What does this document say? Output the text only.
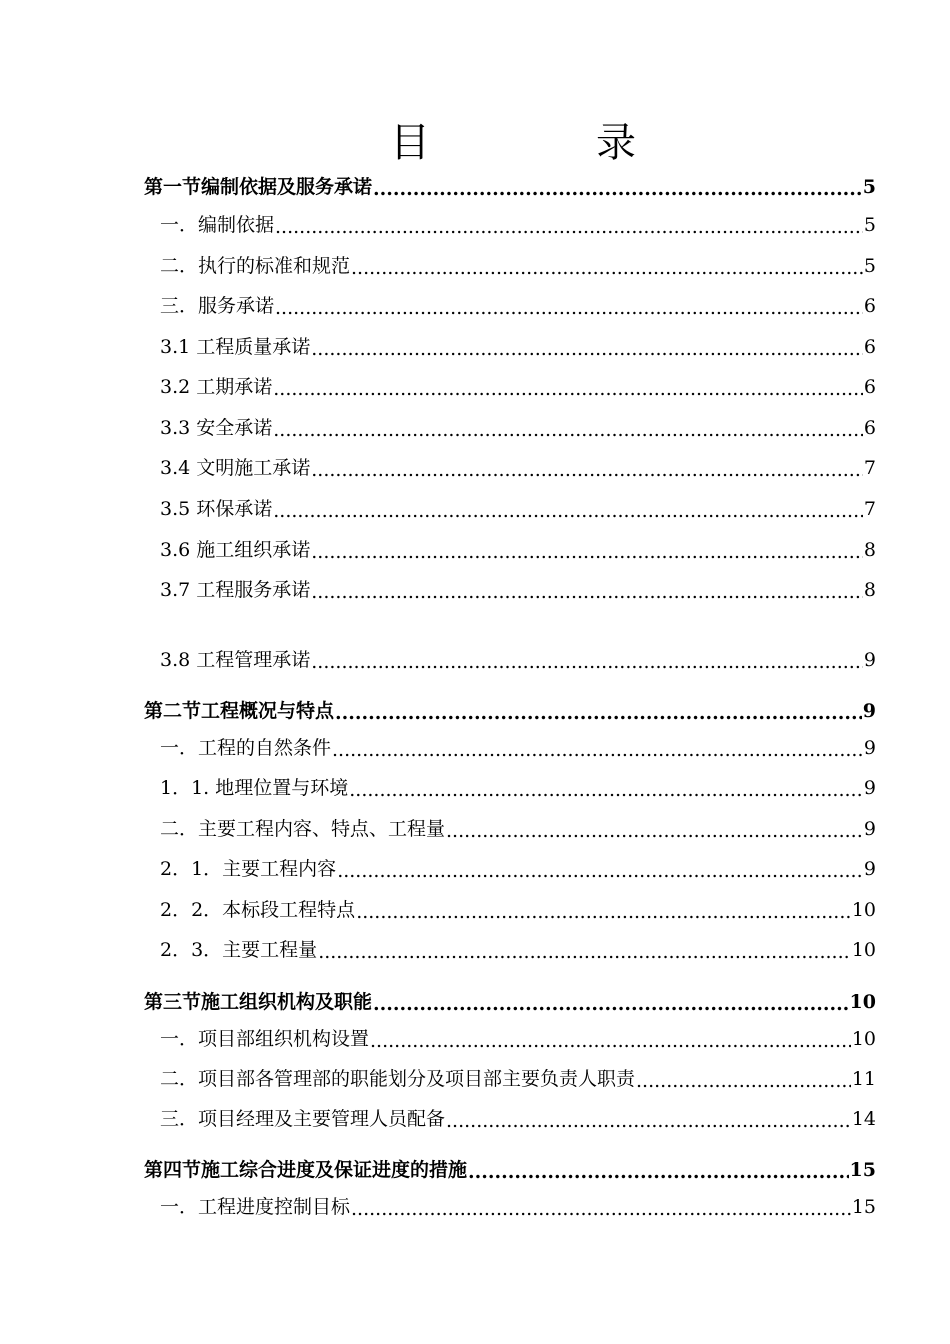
目	录
第一节 编制依据及服务承诺 .....	5
一．编制依据 .....	5
二．执行的标准和规范 .....	5
三．服务承诺 .....	6
3.1 工程质量承诺 .....	6
3.2 工期承诺 .....	6
3.3 安全承诺 .....	6
3.4 文明施工承诺 .....	7
3.5 环保承诺 .....	7
3.6 施工组织承诺 .....	8
3.7 工程服务承诺 .....	8
3.8 工程管理承诺 .....	9
第二节 工程概况与特点 .....	9
一．工程的自然条件 .....	9
1．1. 地理位置与环境 .....	9
二．主要工程内容、特点、工程量 .....	9
2．1．主要工程内容 .....	9
2．2．本标段工程特点 .....	10
2．3．主要工程量 .....	10
第三节 施工组织机构及职能 .....	10
一．项目部组织机构设置 .....	10
二．项目部各管理部的职能划分及项目部主要负责人职责 .....	11
三．项目经理及主要管理人员配备 .....	14
第四节 施工综合进度及保证进度的措施 .....	15
一．工程进度控制目标 .....	15
